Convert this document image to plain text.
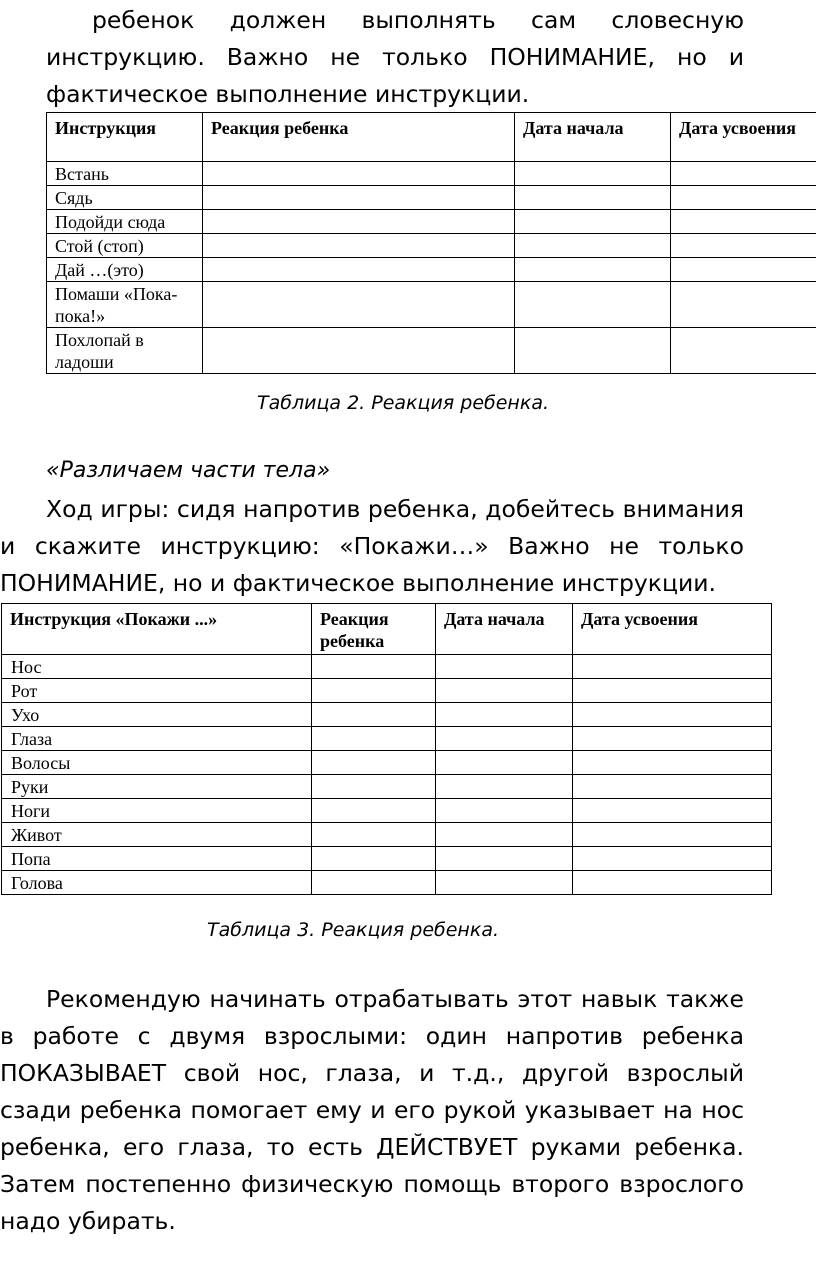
ребенок должен выполнять сам словесную инструкцию. Важно не только ПОНИМАНИЕ, но и фактическое выполнение инструкции.

Инструкция	Реакция ребенка	Дата начала	Дата усвоения
Встань			
Сядь			
Подойди сюда			
Стой (стоп)			
Дай …(это)			
Помаши «Пока-пока!»			
Похлопай в ладоши			

Таблица 2. Реакция ребенка.

«Различаем части тела»

Ход игры: сидя напротив ребенка, добейтесь внимания и скажите инструкцию: «Покажи…» Важно не только ПОНИМАНИЕ, но и фактическое выполнение инструкции.

Инструкция «Покажи ...»	Реакция ребенка	Дата начала	Дата усвоения
Нос			
Рот			
Ухо			
Глаза			
Волосы			
Руки			
Ноги			
Живот			
Попа			
Голова			

Таблица 3. Реакция ребенка.

Рекомендую начинать отрабатывать этот навык также в работе с двумя взрослыми: один напротив ребенка ПОКАЗЫВАЕТ свой нос, глаза, и т.д., другой взрослый сзади ребенка помогает ему и его рукой указывает на нос ребенка, его глаза, то есть ДЕЙСТВУЕТ руками ребенка. Затем постепенно физическую помощь второго взрослого надо убирать.
